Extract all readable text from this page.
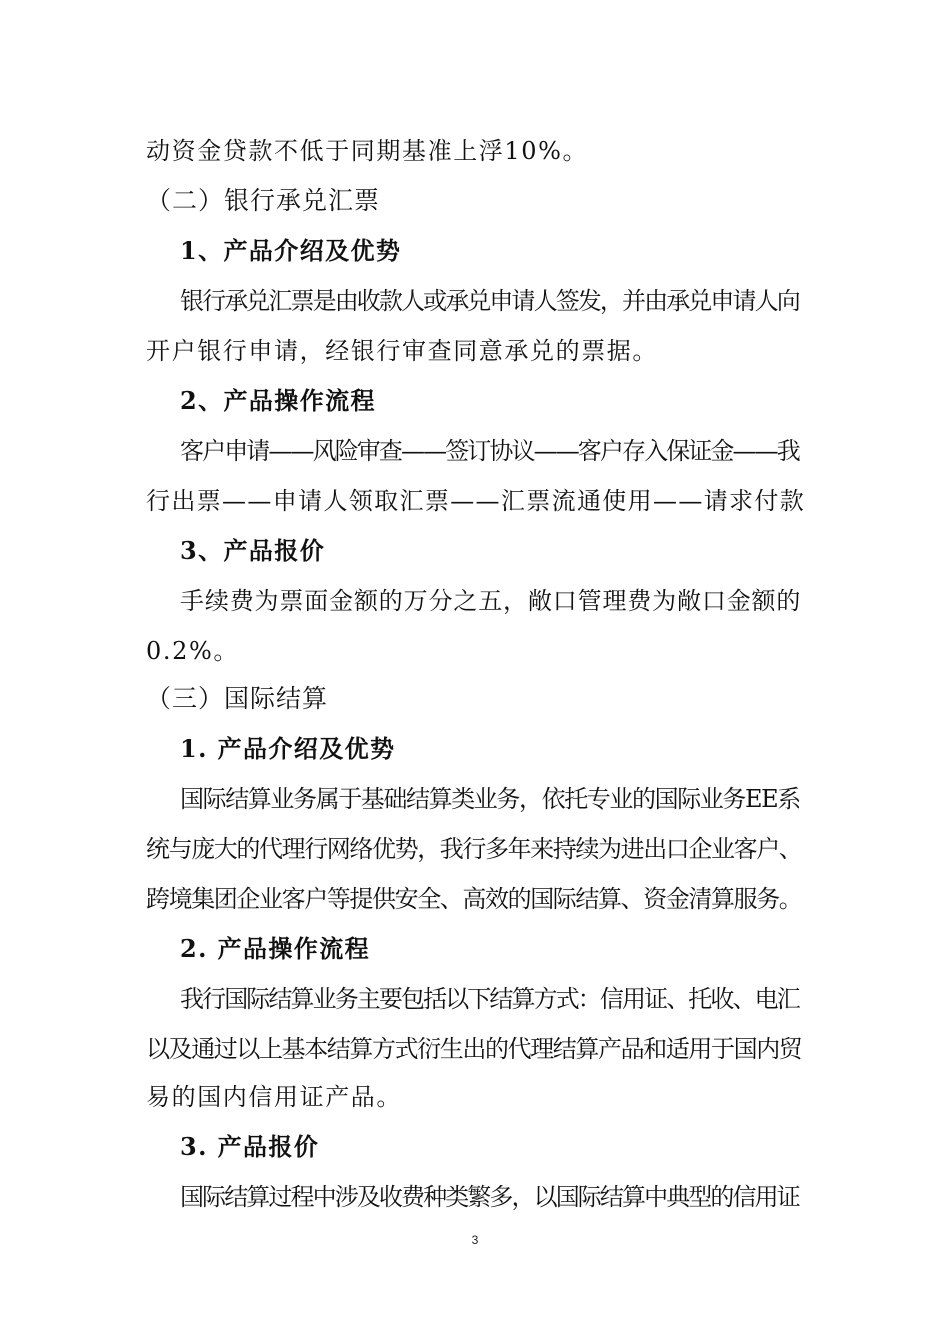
动资金贷款不低于同期基准上浮10%。
（二）银行承兑汇票
1、产品介绍及优势
银行承兑汇票是由收款人或承兑申请人签发，并由承兑申请人向
开户银行申请，经银行审查同意承兑的票据。
2、产品操作流程
客户申请——风险审查——签订协议——客户存入保证金——我
行出票——申请人领取汇票——汇票流通使用——请求付款
3、产品报价
手续费为票面金额的万分之五，敞口管理费为敞口金额的
0.2%。
（三）国际结算
1. 产品介绍及优势
国际结算业务属于基础结算类业务，依托专业的国际业务EE系
统与庞大的代理行网络优势，我行多年来持续为进出口企业客户、
跨境集团企业客户等提供安全、高效的国际结算、资金清算服务。
2. 产品操作流程
我行国际结算业务主要包括以下结算方式：信用证、托收、电汇
以及通过以上基本结算方式衍生出的代理结算产品和适用于国内贸
易的国内信用证产品。
3. 产品报价
国际结算过程中涉及收费种类繁多，以国际结算中典型的信用证
3
